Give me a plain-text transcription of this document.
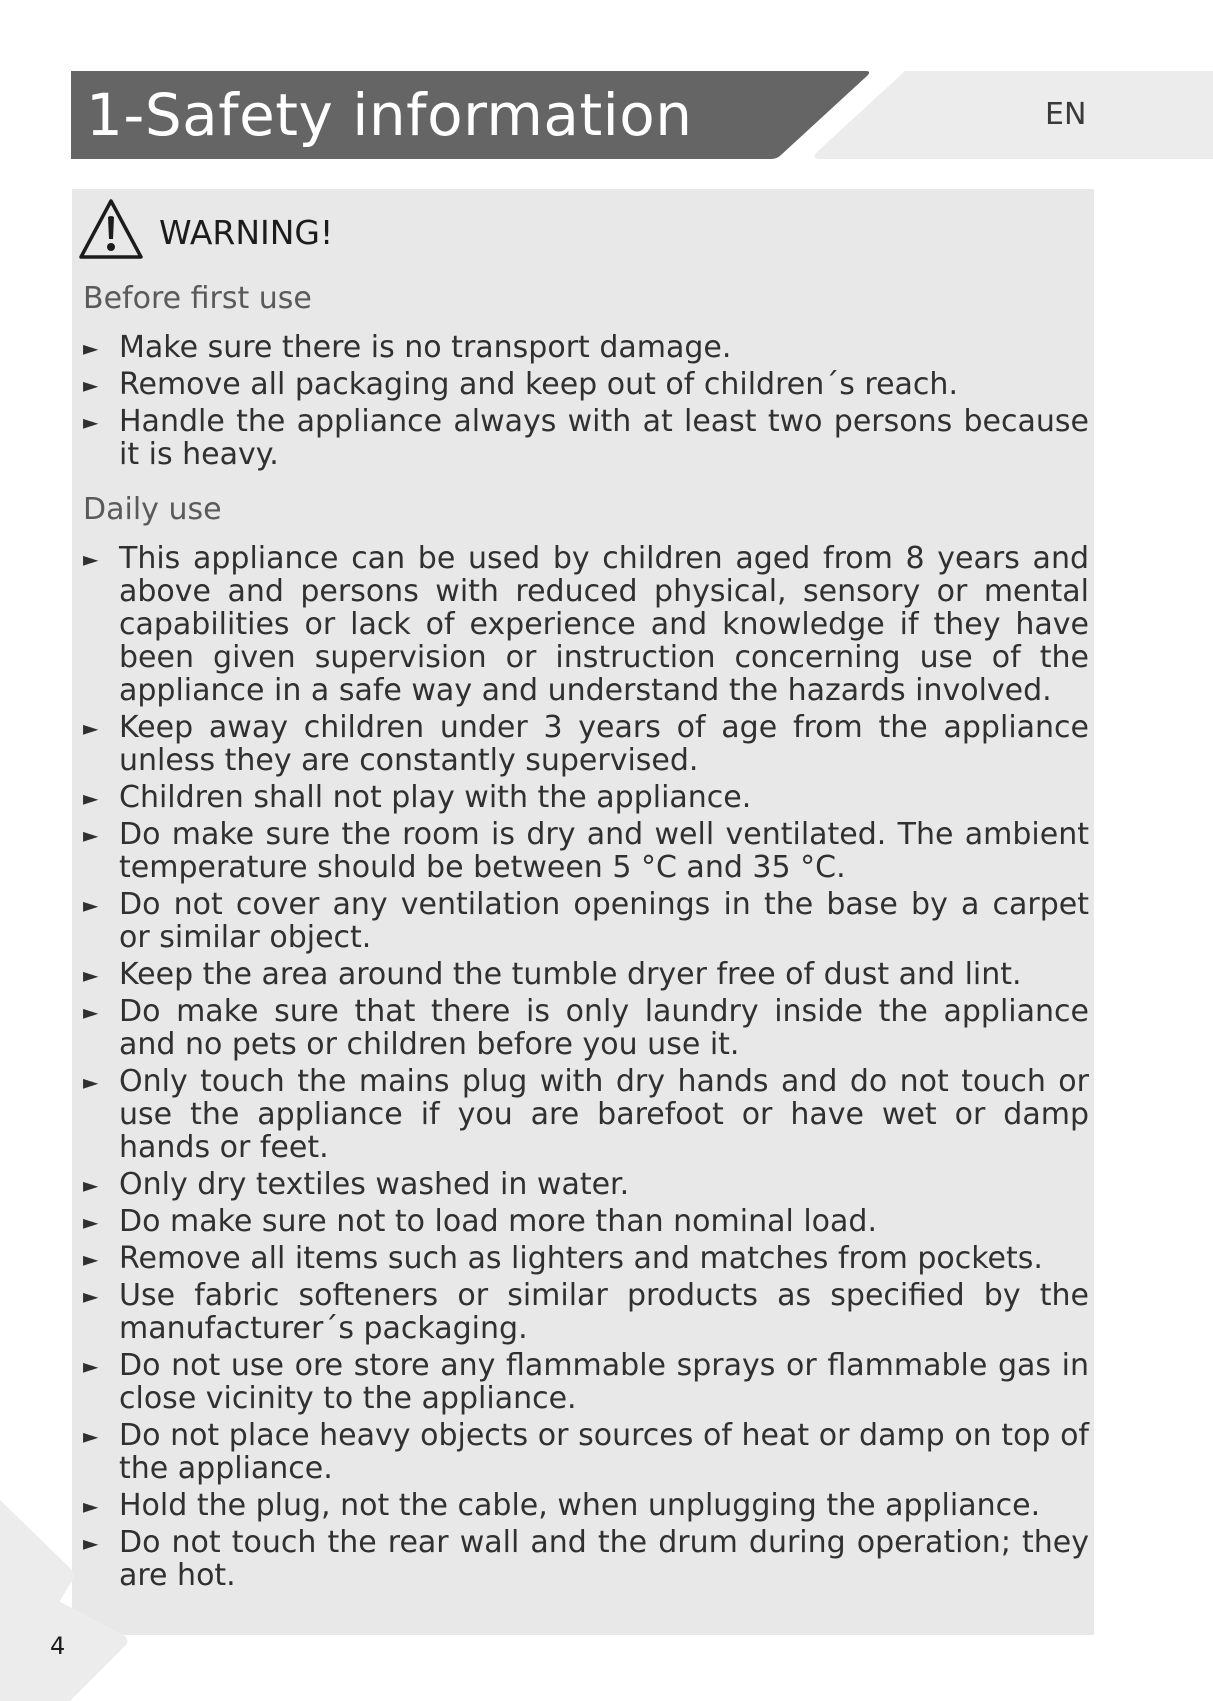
1-Safety information	EN
WARNING!
Before first use
► Make sure there is no transport damage.
► Remove all packaging and keep out of children´s reach.
► Handle the appliance always with at least two persons because it is heavy.
Daily use
► This appliance can be used by children aged from 8 years and above and persons with reduced physical, sensory or mental capabilities or lack of experience and knowledge if they have been given supervision or instruction concerning use of the appliance in a safe way and understand the hazards involved.
► Keep away children under 3 years of age from the appliance unless they are constantly supervised.
► Children shall not play with the appliance.
► Do make sure the room is dry and well ventilated. The ambient temperature should be between 5 °C and 35 °C.
► Do not cover any ventilation openings in the base by a carpet or similar object.
► Keep the area around the tumble dryer free of dust and lint.
► Do make sure that there is only laundry inside the appliance and no pets or children before you use it.
► Only touch the mains plug with dry hands and do not touch or use the appliance if you are barefoot or have wet or damp hands or feet.
► Only dry textiles washed in water.
► Do make sure not to load more than nominal load.
► Remove all items such as lighters and matches from pockets.
► Use fabric softeners or similar products as specified by the manufacturer´s packaging.
► Do not use ore store any flammable sprays or flammable gas in close vicinity to the appliance.
► Do not place heavy objects or sources of heat or damp on top of the appliance.
► Hold the plug, not the cable, when unplugging the appliance.
► Do not touch the rear wall and the drum during operation; they are hot.
4
